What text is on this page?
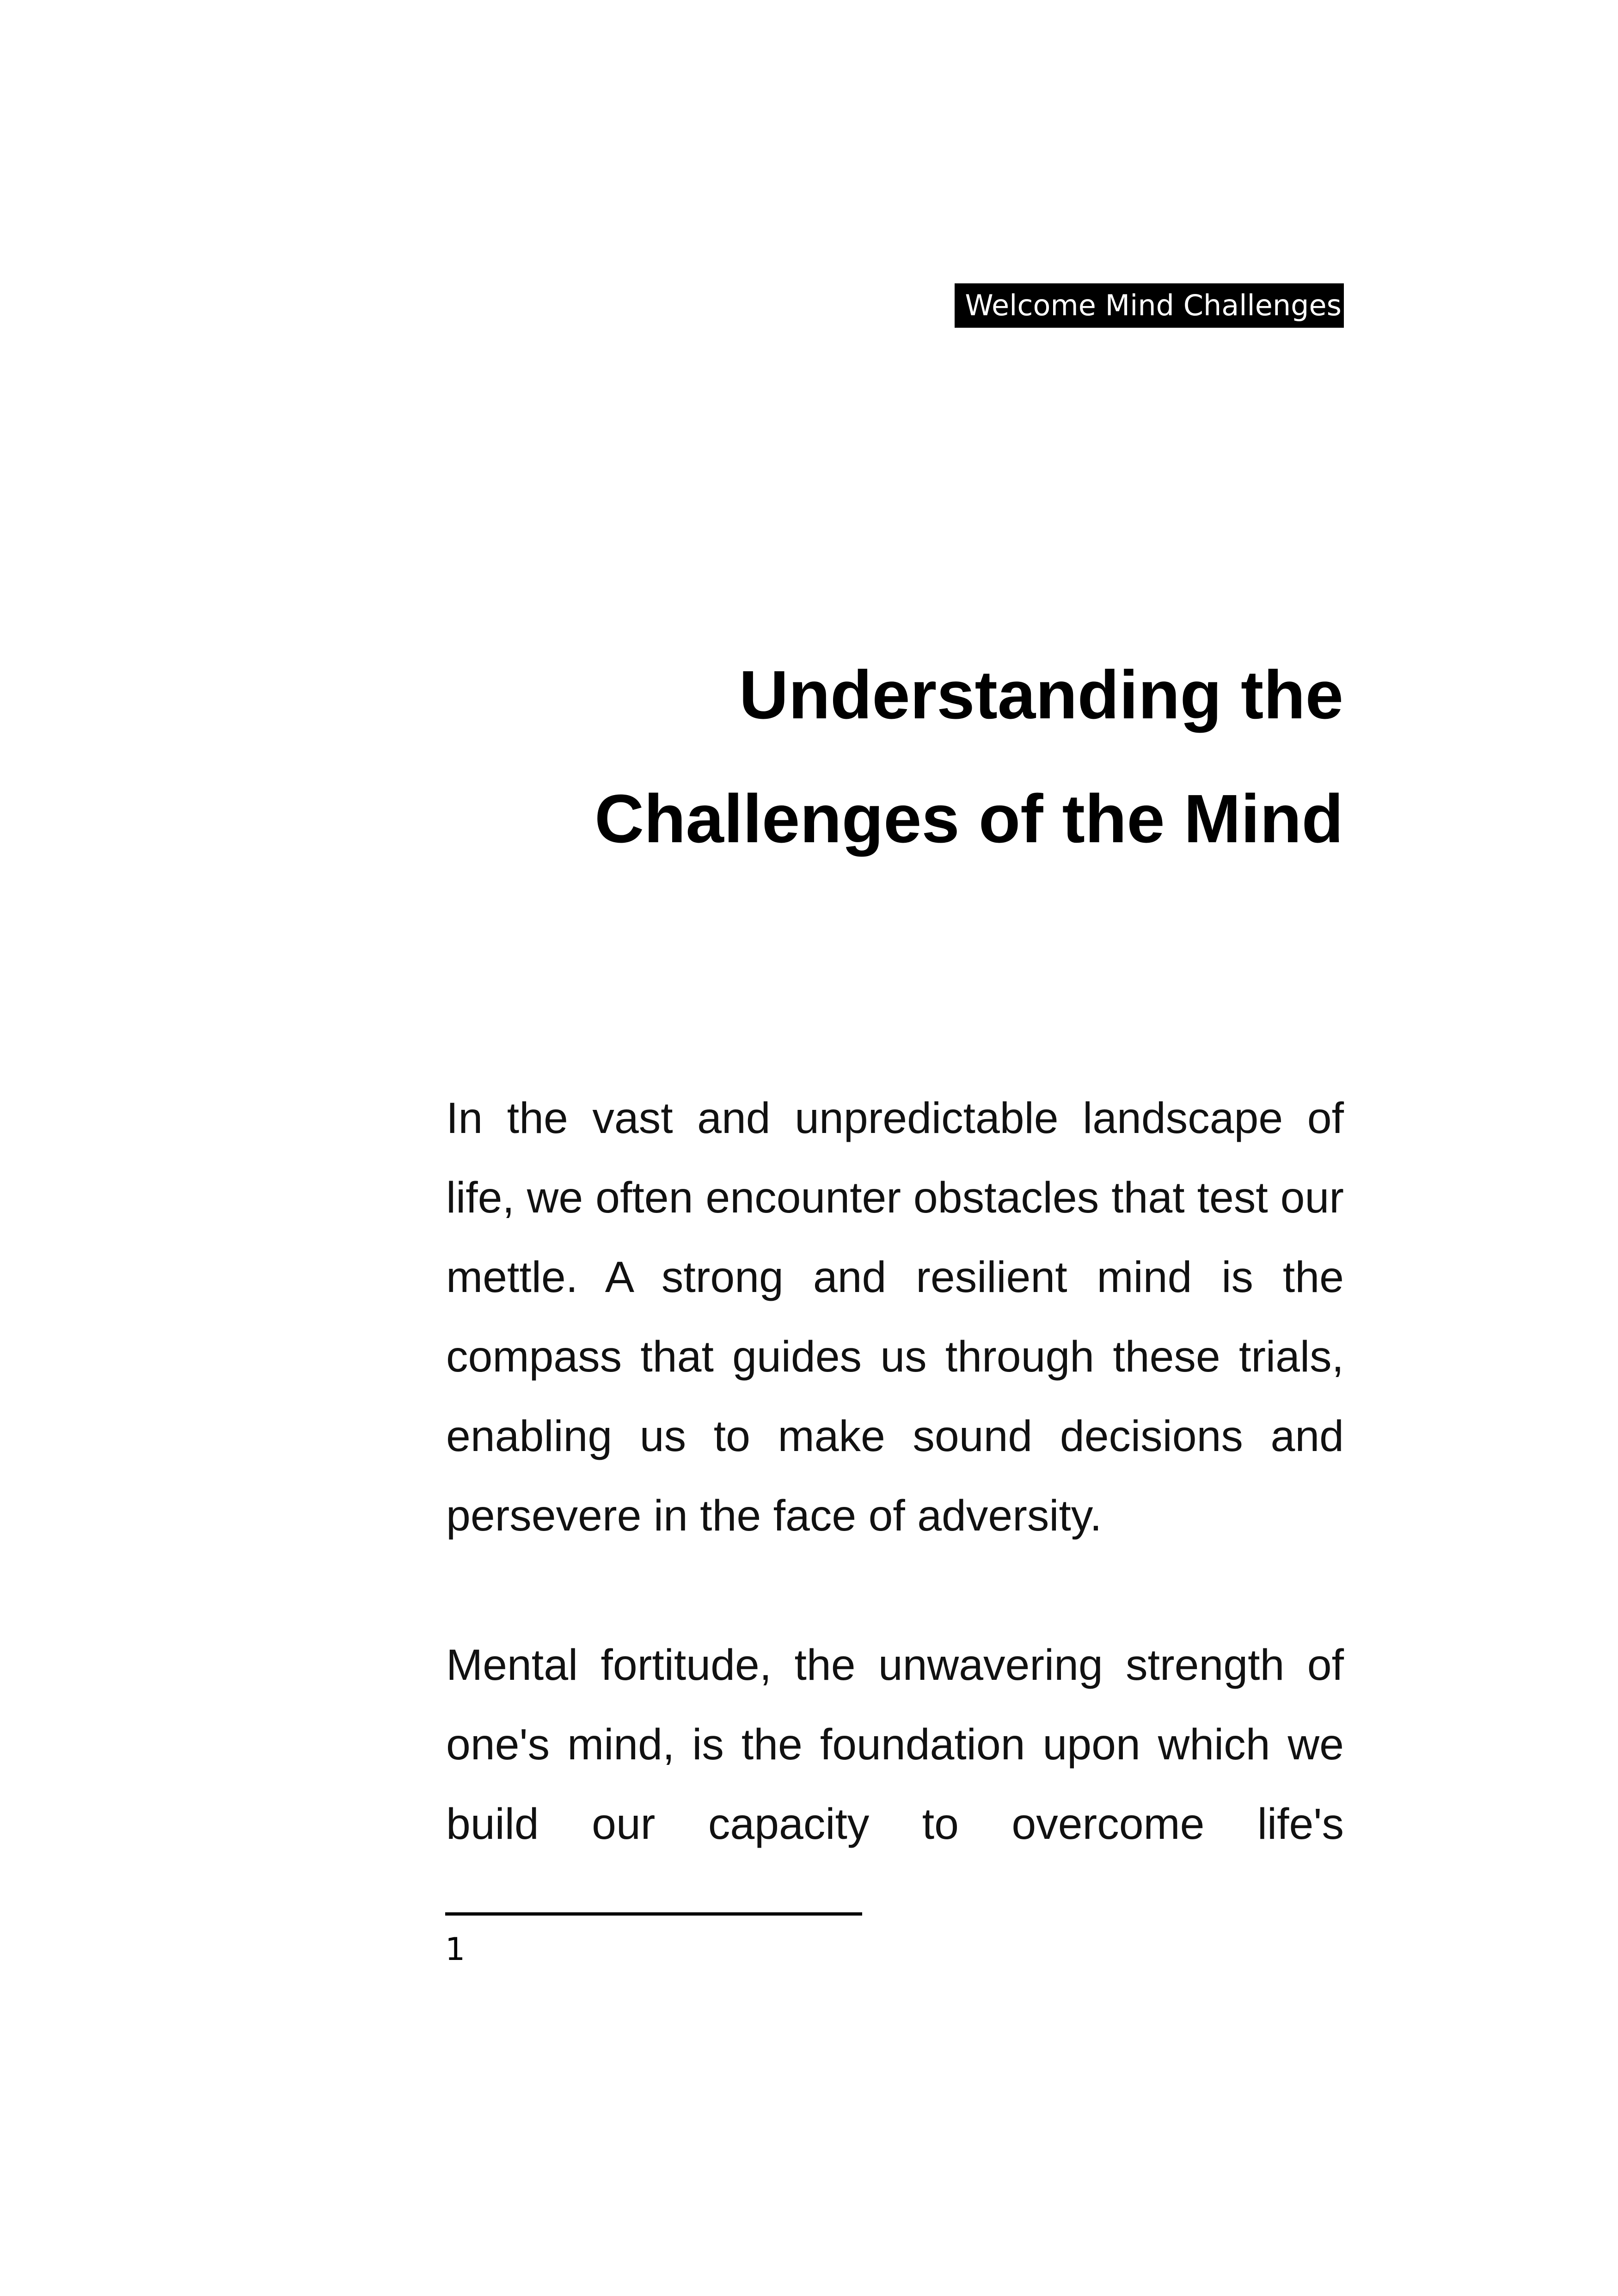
Welcome Mind Challenges
Understanding the
Challenges of the Mind

In the vast and unpredictable landscape of life, we often encounter obstacles that test our mettle. A strong and resilient mind is the compass that guides us through these trials, enabling us to make sound decisions and persevere in the face of adversity.

Mental fortitude, the unwavering strength of one's mind, is the foundation upon which we build our capacity to overcome life's

1
